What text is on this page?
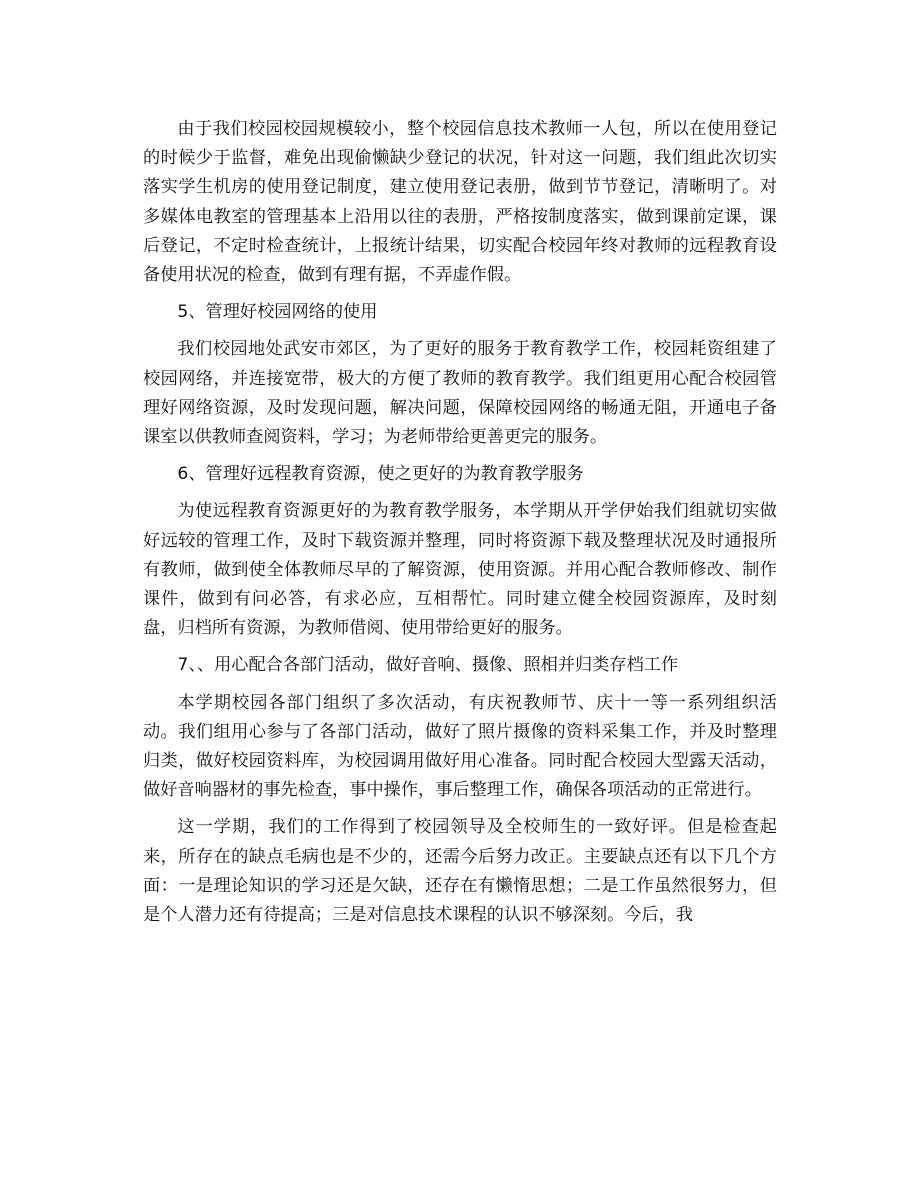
由于我们校园校园规模较小，整个校园信息技术教师一人包，所以在使用登记的时候少于监督，难免出现偷懒缺少登记的状况，针对这一问题，我们组此次切实落实学生机房的使用登记制度，建立使用登记表册，做到节节登记，清晰明了。对多媒体电教室的管理基本上沿用以往的表册，严格按制度落实，做到课前定课，课后登记，不定时检查统计，上报统计结果，切实配合校园年终对教师的远程教育设备使用状况的检查，做到有理有据，不弄虚作假。

5、管理好校园网络的使用

我们校园地处武安市郊区，为了更好的服务于教育教学工作，校园耗资组建了校园网络，并连接宽带，极大的方便了教师的教育教学。我们组更用心配合校园管理好网络资源，及时发现问题，解决问题，保障校园网络的畅通无阻，开通电子备课室以供教师查阅资料，学习；为老师带给更善更完的服务。

6、管理好远程教育资源，使之更好的为教育教学服务

为使远程教育资源更好的为教育教学服务，本学期从开学伊始我们组就切实做好远较的管理工作，及时下载资源并整理，同时将资源下载及整理状况及时通报所有教师，做到使全体教师尽早的了解资源，使用资源。并用心配合教师修改、制作课件，做到有问必答，有求必应，互相帮忙。同时建立健全校园资源库，及时刻盘，归档所有资源，为教师借阅、使用带给更好的服务。

7、、用心配合各部门活动，做好音响、摄像、照相并归类存档工作

本学期校园各部门组织了多次活动，有庆祝教师节、庆十一等一系列组织活动。我们组用心参与了各部门活动，做好了照片摄像的资料采集工作，并及时整理归类，做好校园资料库，为校园调用做好用心准备。同时配合校园大型露天活动，做好音响器材的事先检查，事中操作，事后整理工作，确保各项活动的正常进行。

这一学期，我们的工作得到了校园领导及全校师生的一致好评。但是检查起来，所存在的缺点毛病也是不少的，还需今后努力改正。主要缺点还有以下几个方面：一是理论知识的学习还是欠缺，还存在有懒惰思想；二是工作虽然很努力，但是个人潜力还有待提高；三是对信息技术课程的认识不够深刻。今后，我
